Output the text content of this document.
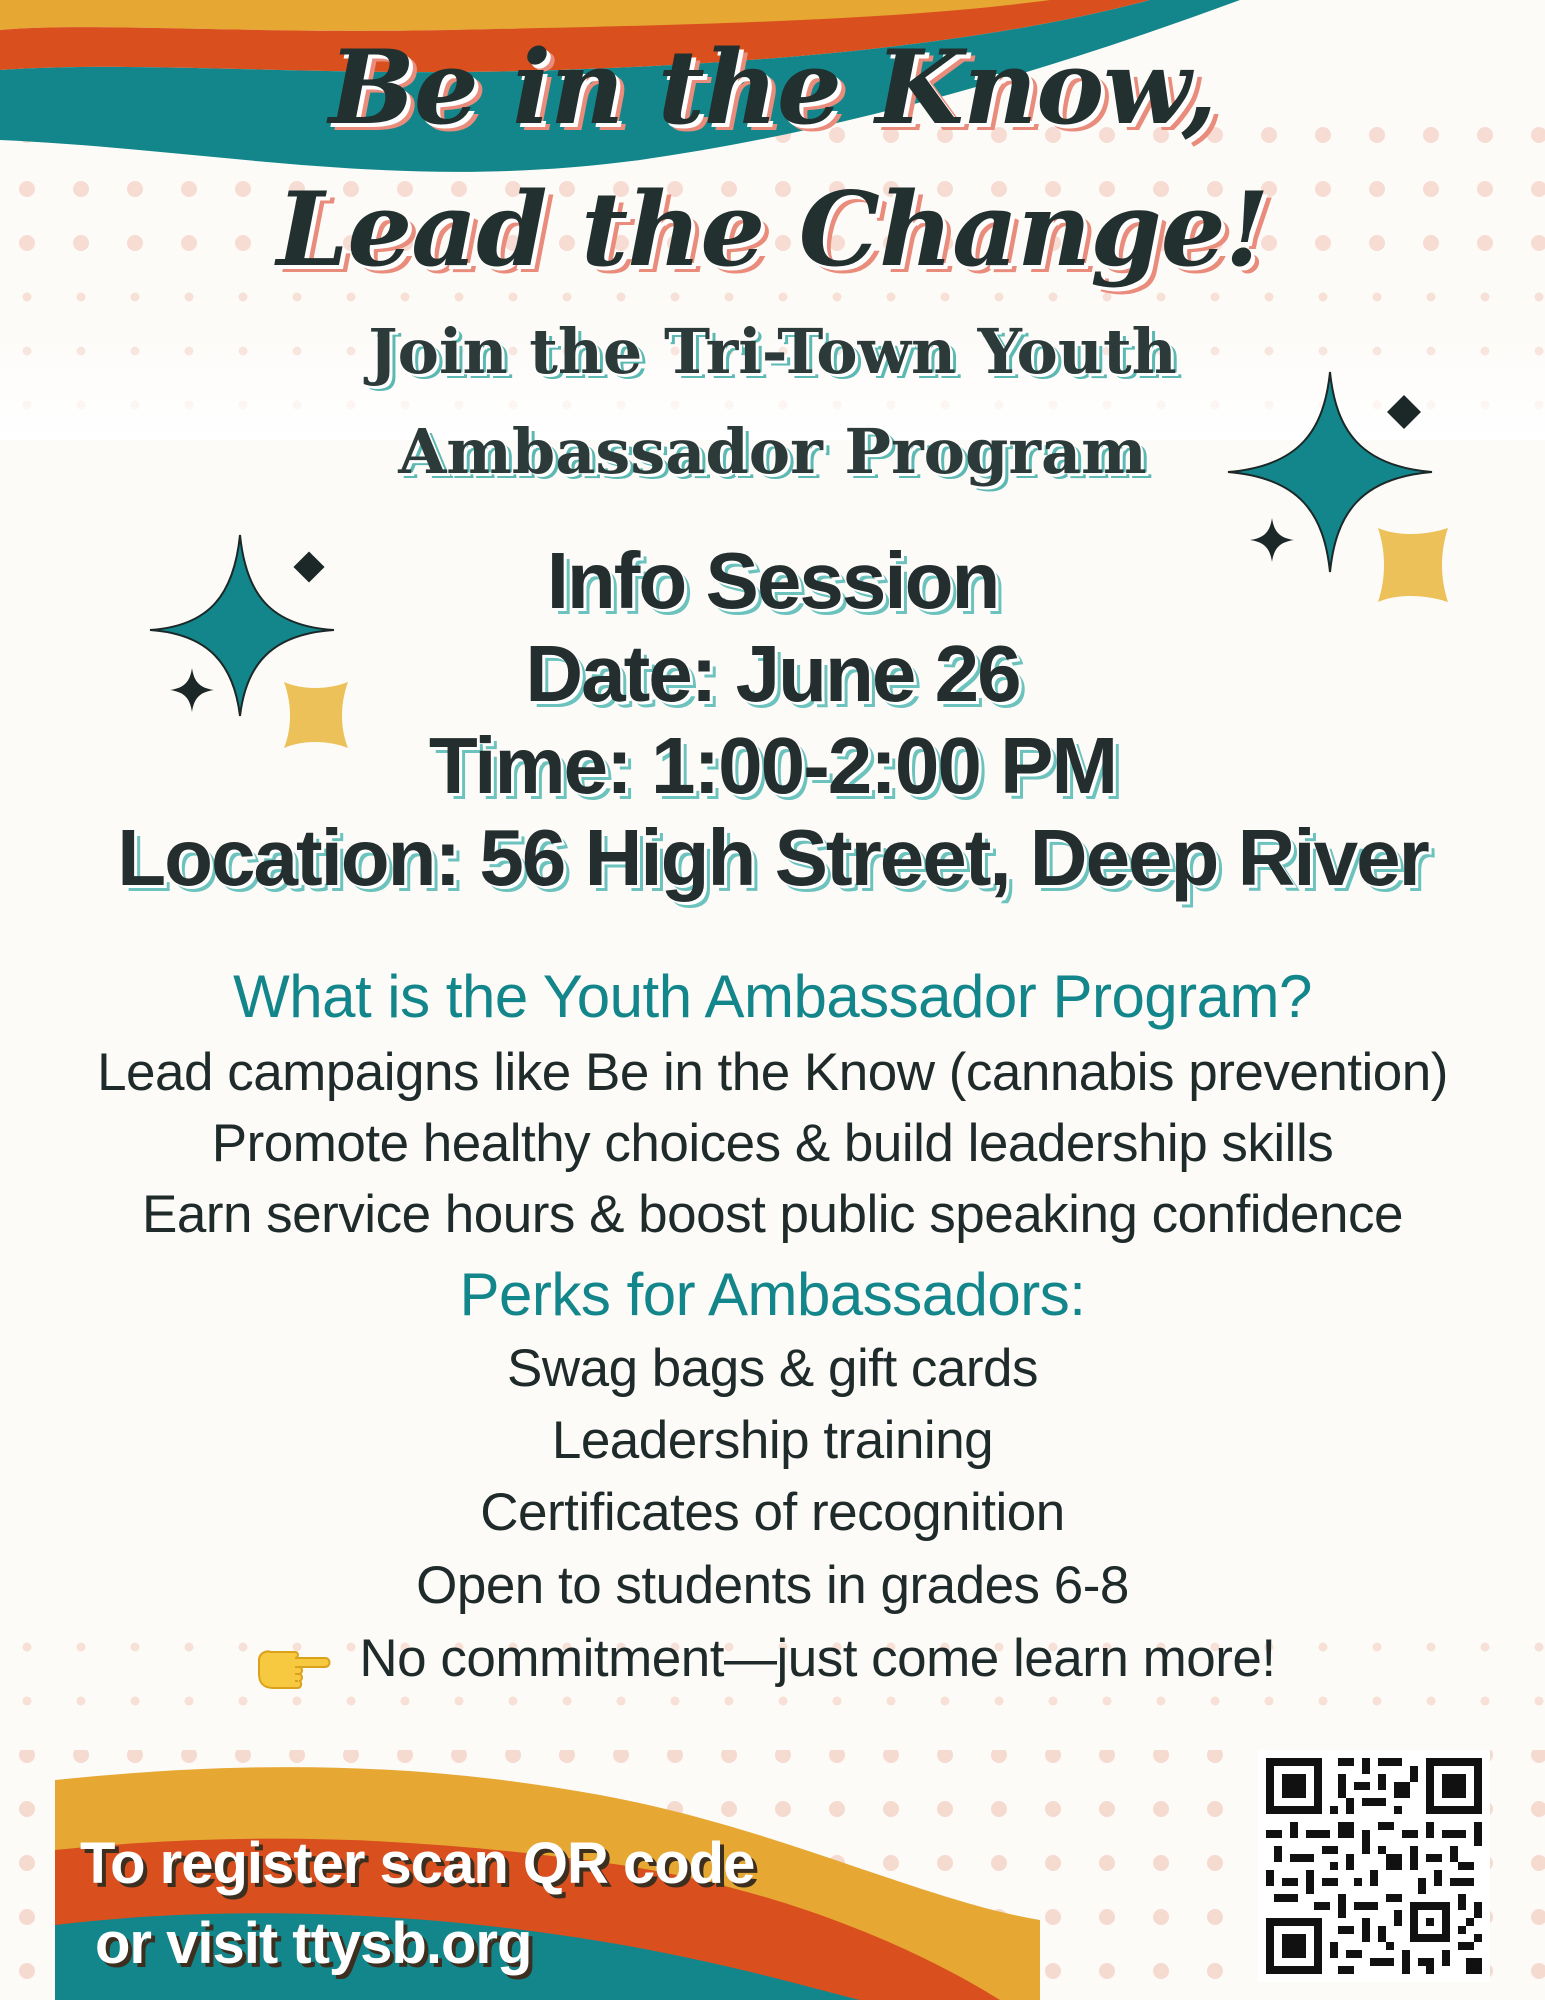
Be in the Know,
Lead the Change!
Join the Tri-Town Youth
Ambassador Program

Info Session

Date: June 26

Time: 1:00-2:00 PM

Location: 56 High Street, Deep River

What is the Youth Ambassador Program?

Lead campaigns like Be in the Know (cannabis prevention)

Promote healthy choices & build leadership skills

Earn service hours & boost public speaking confidence

Perks for Ambassadors:

Swag bags & gift cards

Leadership training

Certificates of recognition

Open to students in grades 6-8

No commitment—just come learn more!

To register scan QR code

or visit ttysb.org
